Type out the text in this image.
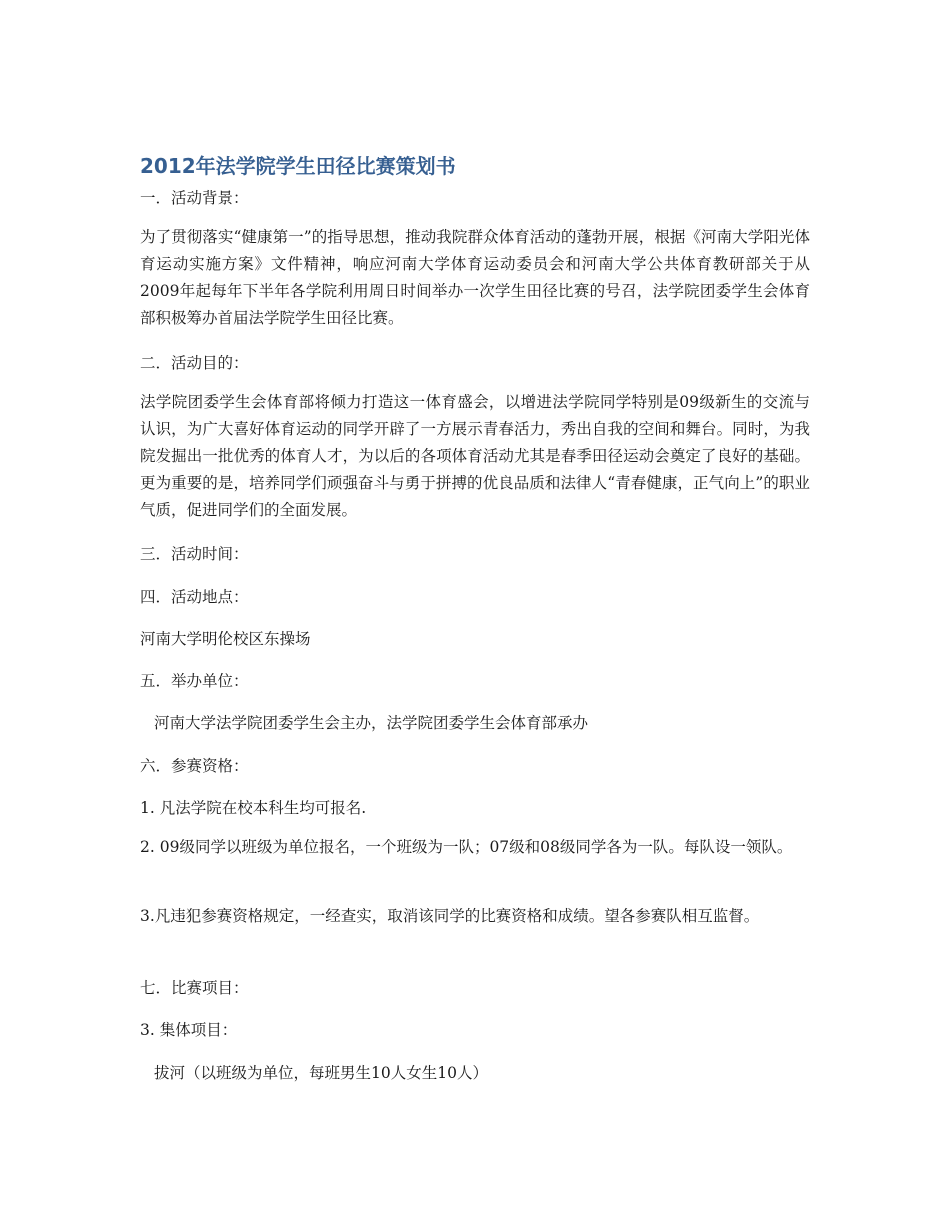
2012年法学院学生田径比赛策划书
一．活动背景：
为了贯彻落实“健康第一”的指导思想，推动我院群众体育活动的蓬勃开展，根据《河南大学阳光体育运动实施方案》文件精神，响应河南大学体育运动委员会和河南大学公共体育教研部关于从2009年起每年下半年各学院利用周日时间举办一次学生田径比赛的号召，法学院团委学生会体育部积极筹办首届法学院学生田径比赛。
二．活动目的：
法学院团委学生会体育部将倾力打造这一体育盛会，以增进法学院同学特别是09级新生的交流与认识，为广大喜好体育运动的同学开辟了一方展示青春活力，秀出自我的空间和舞台。同时，为我院发掘出一批优秀的体育人才，为以后的各项体育活动尤其是春季田径运动会奠定了良好的基础。更为重要的是，培养同学们顽强奋斗与勇于拼搏的优良品质和法律人“青春健康，正气向上”的职业气质，促进同学们的全面发展。
三．活动时间：
四．活动地点：
河南大学明伦校区东操场
五．举办单位：
河南大学法学院团委学生会主办，法学院团委学生会体育部承办
六．参赛资格：
1. 凡法学院在校本科生均可报名.
2. 09级同学以班级为单位报名，一个班级为一队；07级和08级同学各为一队。每队设一领队。
3.凡违犯参赛资格规定，一经查实，取消该同学的比赛资格和成绩。望各参赛队相互监督。
七．比赛项目：
3. 集体项目：
拔河（以班级为单位，每班男生10人女生10人）
